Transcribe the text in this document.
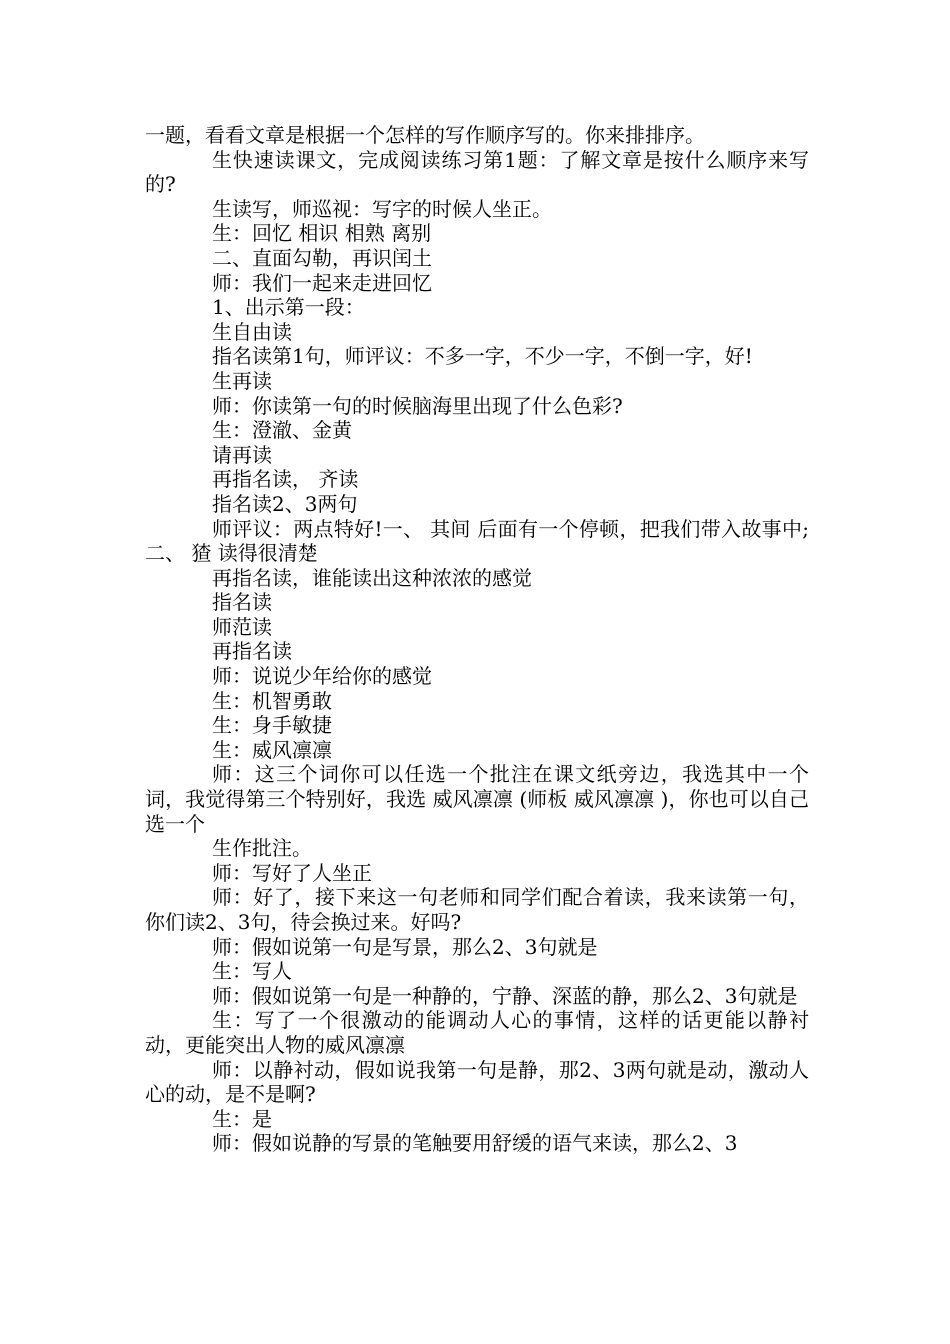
一题，看看文章是根据一个怎样的写作顺序写的。你来排排序。

生快速读课文，完成阅读练习第1题：了解文章是按什么顺序来写的?

生读写，师巡视：写字的时候人坐正。

生：回忆 相识 相熟 离别

二、直面勾勒，再识闰土

师：我们一起来走进回忆

1、出示第一段：

生自由读

指名读第1句，师评议：不多一字，不少一字，不倒一字，好!

生再读

师：你读第一句的时候脑海里出现了什么色彩?

生：澄澈、金黄

请再读

再指名读， 齐读

指名读2、3两句

师评议：两点特好!一、 其间 后面有一个停顿，把我们带入故事中;二、 猹 读得很清楚

再指名读，谁能读出这种浓浓的感觉

指名读

师范读

再指名读

师：说说少年给你的感觉

生：机智勇敢

生：身手敏捷

生：威风凛凛

师：这三个词你可以任选一个批注在课文纸旁边，我选其中一个词，我觉得第三个特别好，我选 威风凛凛 (师板 威风凛凛 )，你也可以自己选一个

生作批注。

师：写好了人坐正

师：好了，接下来这一句老师和同学们配合着读，我来读第一句，你们读2、3句，待会换过来。好吗?

师：假如说第一句是写景，那么2、3句就是

生：写人

师：假如说第一句是一种静的，宁静、深蓝的静，那么2、3句就是

生：写了一个很激动的能调动人心的事情，这样的话更能以静衬动，更能突出人物的威风凛凛

师：以静衬动，假如说我第一句是静，那2、3两句就是动，激动人心的动，是不是啊?

生：是

师：假如说静的写景的笔触要用舒缓的语气来读，那么2、3
